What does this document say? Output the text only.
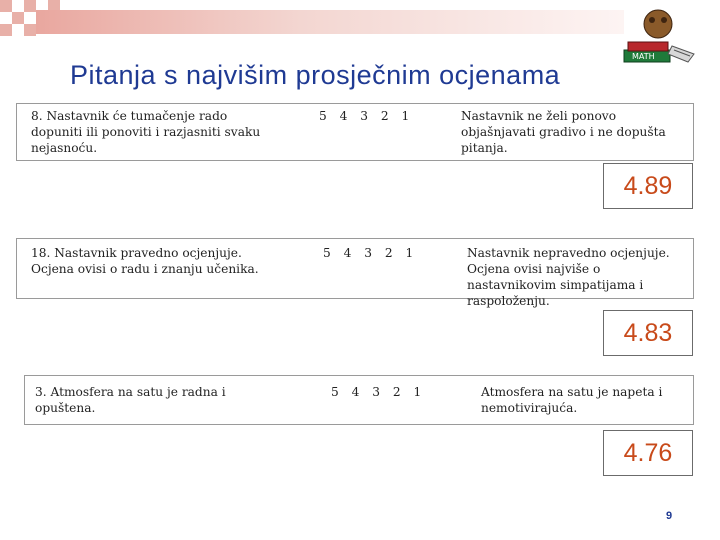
MATH
Pitanja s najvišim prosječnim ocjenama
8. Nastavnik će tumačenje rado dopuniti ili ponoviti i razjasniti svaku nejasnoću.
5 4 3 2 1	Nastavnik ne želi ponovo objašnjavati gradivo i ne dopušta pitanja.
4.89
18. Nastavnik pravedno ocjenjuje. Ocjena ovisi o radu i znanju učenika.
5 4 3 2 1	Nastavnik nepravedno ocjenjuje. Ocjena ovisi najviše o nastavnikovim simpatijama i raspoloženju.
4.83
3. Atmosfera na satu je radna i opuštena.
5 4 3 2 1	Atmosfera na satu je napeta i nemotivirajuća.
4.76
9
